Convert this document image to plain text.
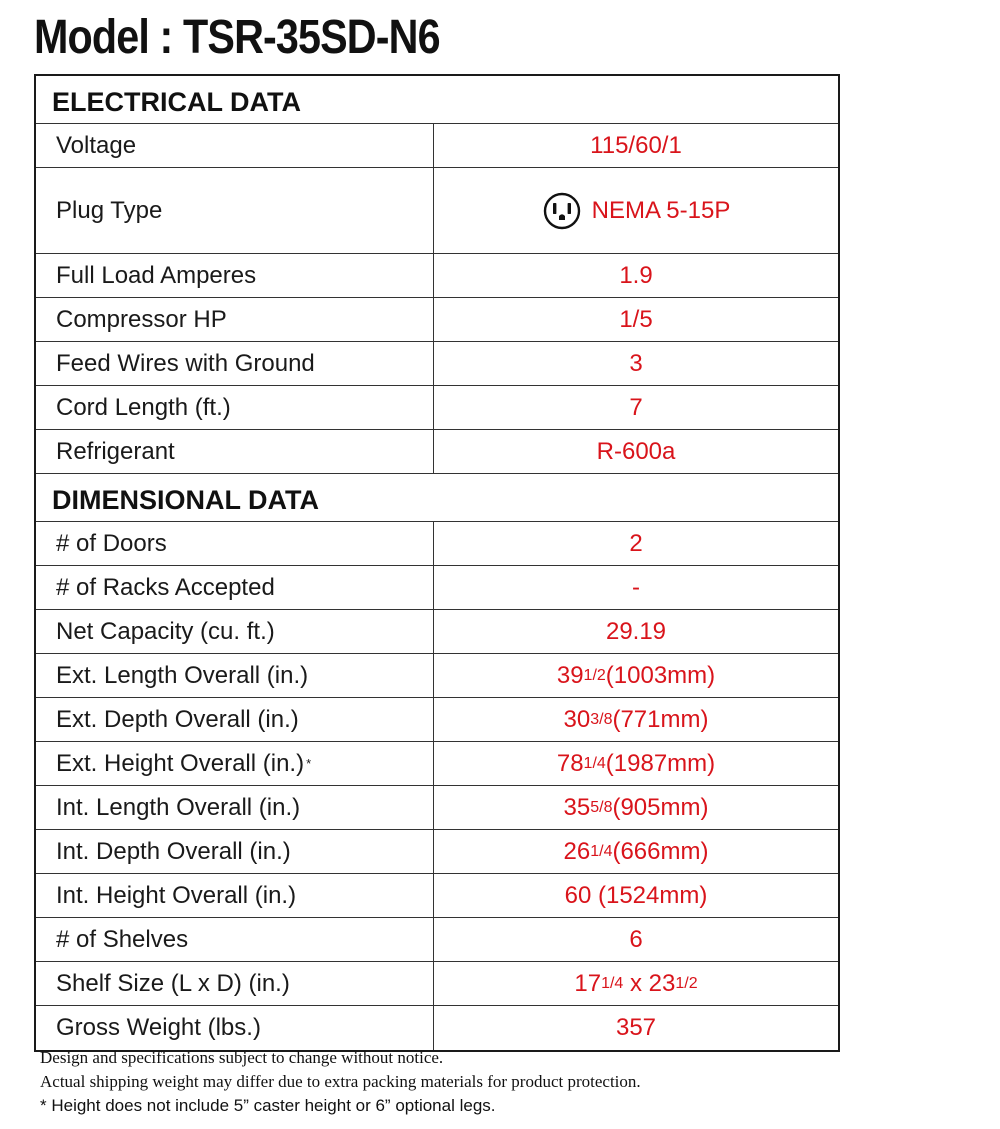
Model : TSR-35SD-N6
ELECTRICAL DATA
Voltage	115/60/1
Plug Type	NEMA 5-15P
Full Load Amperes	1.9
Compressor HP	1/5
Feed Wires with Ground	3
Cord Length (ft.)	7
Refrigerant	R-600a
DIMENSIONAL DATA
# of Doors	2
# of Racks Accepted	-
Net Capacity (cu. ft.)	29.19
Ext. Length Overall (in.)	39 1/2 (1003mm)
Ext. Depth Overall (in.)	30 3/8 (771mm)
Ext. Height Overall (in.) *	78 1/4 (1987mm)
Int. Length Overall (in.)	35 5/8 (905mm)
Int. Depth Overall (in.)	26 1/4 (666mm)
Int. Height Overall (in.)	60 (1524mm)
# of Shelves	6
Shelf Size (L x D) (in.)	17 1/4 x 23 1/2
Gross Weight (lbs.)	357
Design and specifications subject to change without notice.
Actual shipping weight may differ due to extra packing materials for product protection.
* Height does not include 5” caster height or 6” optional legs.
